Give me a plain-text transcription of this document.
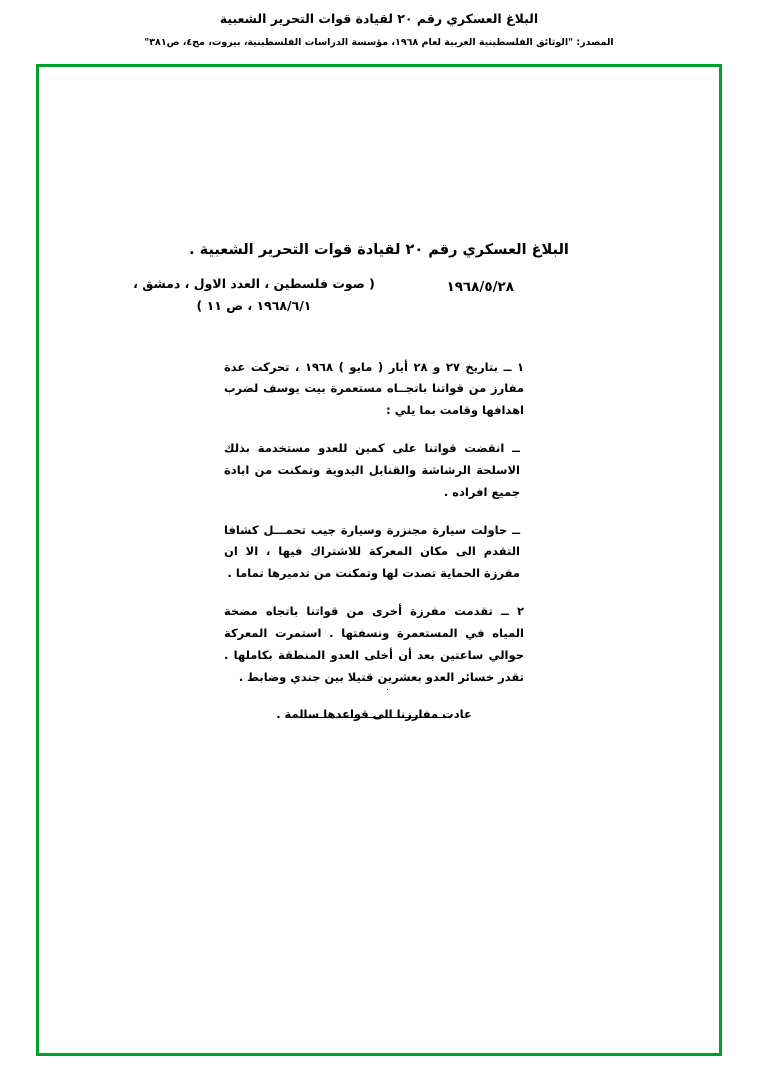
البلاغ العسكري رقم ٢٠ لقيادة قوات التحرير الشعبية
المصدر: "الوثائق الفلسطينية العربية لعام ١٩٦٨، مؤسسة الدراسات الفلسطينية، بيروت، مج٤، ص٣٨١"
البلاغ العسكري رقم ٢٠ لقيادة قوات التحرير الشعبية .
١٩٦٨/٥/٢٨
( صوت فلسطين ، العدد الاول ، دمشق ،
١٩٦٨/٦/١ ، ص ١١ )

١ ــ بتاريخ ٢٧ و ٢٨ أيار ( مايو ) ١٩٦٨ ، تحركت عدة مفارز من قواتنا باتجــاه مستعمرة بيت يوسف لضرب اهدافها وقامت بما يلي :

ــ انقضت قواتنا على كمين للعدو مستخدمة بذلك الاسلحة الرشاشة والقنابل اليدوية وتمكنت من ابادة جميع افراده .

ــ حاولت سيارة مجنزرة وسيارة جيب تحمـــل كشافا التقدم الى مكان المعركة للاشتراك فيها ، الا ان مفرزة الحماية تصدت لها وتمكنت من تدميرها تماما .

٢ ــ تقدمت مفرزة أخرى من قواتنا باتجاه مضخة المياه في المستعمرة ونسفتها . استمرت المعركة حوالي ساعتين بعد أن أخلى العدو المنطقة بكاملها . تقدر خسائر العدو بعشرين قتيلا بين جندي وضابط .

عادت مفارزنا الى قواعدها سالمة .

.
